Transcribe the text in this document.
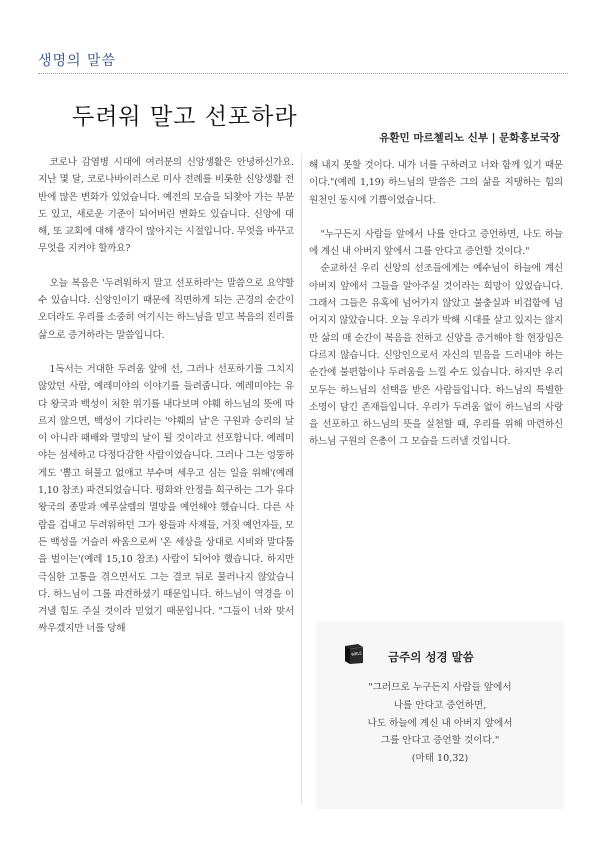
생명의 말씀
두려워 말고 선포하라
유환민 마르첼리노 신부 | 문화홍보국장

코로나 감염병 시대에 여러분의 신앙생활은 안녕하신가요. 지난 몇 달, 코로나바이러스로 미사 전례를 비롯한 신앙생활 전반에 많은 변화가 있었습니다. 예전의 모습을 되찾아 가는 부분도 있고, 새로운 기준이 되어버린 변화도 있습니다. 신앙에 대해, 또 교회에 대해 생각이 많아지는 시절입니다. 무엇을 바꾸고 무엇을 지켜야 할까요?

오늘 복음은 '두려워하지 말고 선포하라'는 말씀으로 요약할 수 있습니다. 신앙인이기 때문에 직면하게 되는 곤경의 순간이 오더라도 우리를 소중히 여기시는 하느님을 믿고 복음의 진리를 삶으로 증거하라는 말씀입니다.

1독서는 거대한 두려움 앞에 선, 그러나 선포하기를 그치지 않았던 사람, 예레미야의 이야기를 들려줍니다. 예레미야는 유다 왕국과 백성이 처한 위기를 내다보며 야훼 하느님의 뜻에 따르지 않으면, 백성이 기다리는 '야훼의 날'은 구원과 승리의 날이 아니라 패배와 멸망의 날이 될 것이라고 선포합니다. 예레미야는 섬세하고 다정다감한 사람이었습니다. 그러나 그는 엉뚱하게도 '뽑고 허물고 없애고 부수며 세우고 심는 일을 위해'(예레 1,10 참조) 파견되었습니다. 평화와 안정을 희구하는 그가 유다 왕국의 종말과 예루살렘의 멸망을 예언해야 했습니다. 다른 사람을 겁내고 두려워하던 그가 왕들과 사제들, 거짓 예언자들, 모든 백성을 거슬러 싸움으로써 '온 세상을 상대로 시비와 말다툼을 벌이는'(예레 15,10 참조) 사람이 되어야 했습니다. 하지만 극심한 고통을 겪으면서도 그는 결코 뒤로 물러나지 않았습니다. 하느님이 그를 파견하셨기 때문입니다. 하느님이 역경을 이겨낼 힘도 주실 것이라 믿었기 때문입니다. "그들이 너와 맞서 싸우겠지만 너를 당해

해 내지 못할 것이다. 내가 너를 구하려고 너와 함께 있기 때문이다."(예레 1,19) 하느님의 말씀은 그의 삶을 지탱하는 힘의 원천인 동시에 기쁨이었습니다.

"누구든지 사람들 앞에서 나를 안다고 증언하면, 나도 하늘에 계신 내 아버지 앞에서 그를 안다고 증언할 것이다."

순교하신 우리 신앙의 선조들에게는 예수님이 하늘에 계신 아버지 앞에서 그들을 알아주실 것이라는 희망이 있었습니다. 그래서 그들은 유혹에 넘어가지 않았고 불충실과 비겁함에 넘어지지 않았습니다. 오늘 우리가 박해 시대를 살고 있지는 않지만 삶의 매 순간이 복음을 전하고 신앙을 증거해야 할 현장임은 다르지 않습니다. 신앙인으로서 자신의 믿음을 드러내야 하는 순간에 불편함이나 두려움을 느낄 수도 있습니다. 하지만 우리 모두는 하느님의 선택을 받은 사람들입니다. 하느님의 특별한 소명이 담긴 존재들입니다. 우리가 두려움 없이 하느님의 사랑을 선포하고 하느님의 뜻을 실천할 때, 우리를 위해 마련하신 하느님 구원의 은총이 그 모습을 드러낼 것입니다.

BIBLE 금주의 성경 말씀
"그러므로 누구든지 사람들 앞에서
나를 안다고 증언하면,
나도 하늘에 계신 내 아버지 앞에서
그를 안다고 증언할 것이다."
(마태 10,32)
